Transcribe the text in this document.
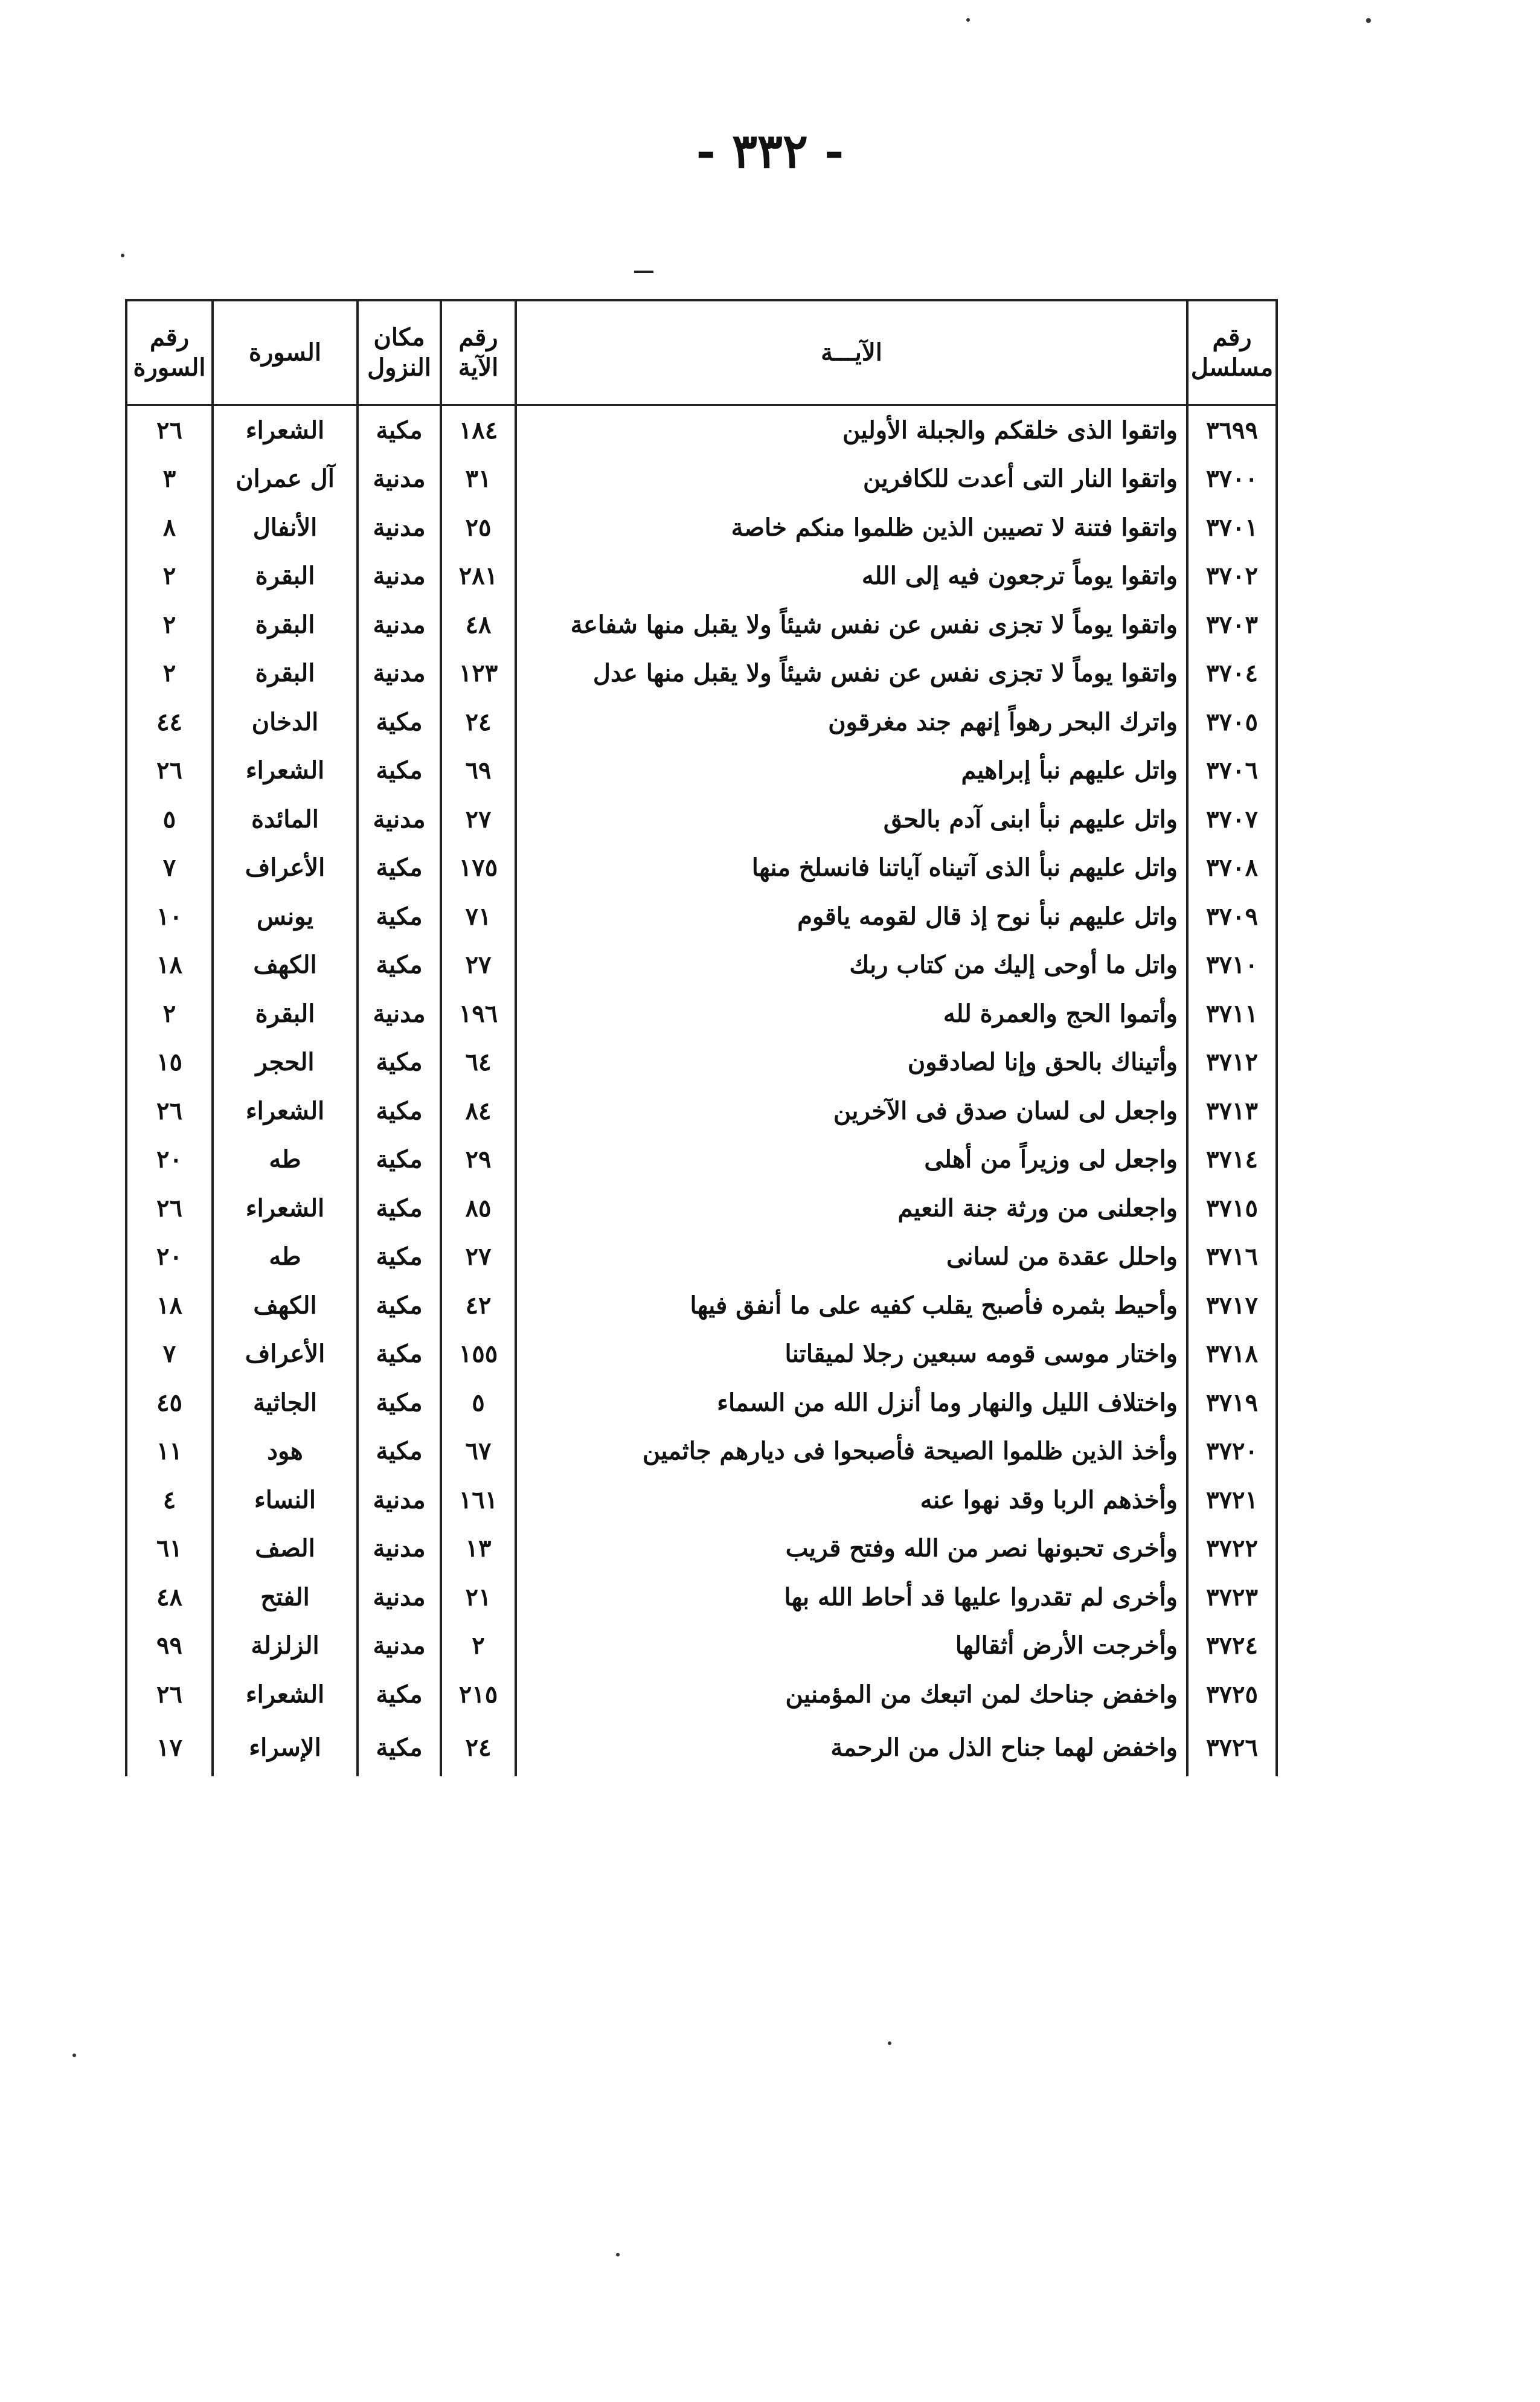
- ٣٣٢ -
رقم مسلسل	الآيـــة	رقم الآية	مكان النزول	السورة	رقم السورة
٣٦٩٩	واتقوا الذى خلقكم والجبلة الأولين	١٨٤	مكية	الشعراء	٢٦
٣٧٠٠	واتقوا النار التى أعدت للكافرين	٣١	مدنية	آل عمران	٣
٣٧٠١	واتقوا فتنة لا تصيبن الذين ظلموا منكم خاصة	٢٥	مدنية	الأنفال	٨
٣٧٠٢	واتقوا يوماً ترجعون فيه إلى الله	٢٨١	مدنية	البقرة	٢
٣٧٠٣	واتقوا يوماً لا تجزى نفس عن نفس شيئاً ولا يقبل منها شفاعة	٤٨	مدنية	البقرة	٢
٣٧٠٤	واتقوا يوماً لا تجزى نفس عن نفس شيئاً ولا يقبل منها عدل	١٢٣	مدنية	البقرة	٢
٣٧٠٥	واترك البحر رهواً إنهم جند مغرقون	٢٤	مكية	الدخان	٤٤
٣٧٠٦	واتل عليهم نبأ إبراهيم	٦٩	مكية	الشعراء	٢٦
٣٧٠٧	واتل عليهم نبأ ابنى آدم بالحق	٢٧	مدنية	المائدة	٥
٣٧٠٨	واتل عليهم نبأ الذى آتيناه آياتنا فانسلخ منها	١٧٥	مكية	الأعراف	٧
٣٧٠٩	واتل عليهم نبأ نوح إذ قال لقومه ياقوم	٧١	مكية	يونس	١٠
٣٧١٠	واتل ما أوحى إليك من كتاب ربك	٢٧	مكية	الكهف	١٨
٣٧١١	وأتموا الحج والعمرة لله	١٩٦	مدنية	البقرة	٢
٣٧١٢	وأتيناك بالحق وإنا لصادقون	٦٤	مكية	الحجر	١٥
٣٧١٣	واجعل لى لسان صدق فى الآخرين	٨٤	مكية	الشعراء	٢٦
٣٧١٤	واجعل لى وزيراً من أهلى	٢٩	مكية	طه	٢٠
٣٧١٥	واجعلنى من ورثة جنة النعيم	٨٥	مكية	الشعراء	٢٦
٣٧١٦	واحلل عقدة من لسانى	٢٧	مكية	طه	٢٠
٣٧١٧	وأحيط بثمره فأصبح يقلب كفيه على ما أنفق فيها	٤٢	مكية	الكهف	١٨
٣٧١٨	واختار موسى قومه سبعين رجلا لميقاتنا	١٥٥	مكية	الأعراف	٧
٣٧١٩	واختلاف الليل والنهار وما أنزل الله من السماء	٥	مكية	الجاثية	٤٥
٣٧٢٠	وأخذ الذين ظلموا الصيحة فأصبحوا فى ديارهم جاثمين	٦٧	مكية	هود	١١
٣٧٢١	وأخذهم الربا وقد نهوا عنه	١٦١	مدنية	النساء	٤
٣٧٢٢	وأخرى تحبونها نصر من الله وفتح قريب	١٣	مدنية	الصف	٦١
٣٧٢٣	وأخرى لم تقدروا عليها قد أحاط الله بها	٢١	مدنية	الفتح	٤٨
٣٧٢٤	وأخرجت الأرض أثقالها	٢	مدنية	الزلزلة	٩٩
٣٧٢٥	واخفض جناحك لمن اتبعك من المؤمنين	٢١٥	مكية	الشعراء	٢٦
٣٧٢٦	واخفض لهما جناح الذل من الرحمة	٢٤	مكية	الإسراء	١٧
